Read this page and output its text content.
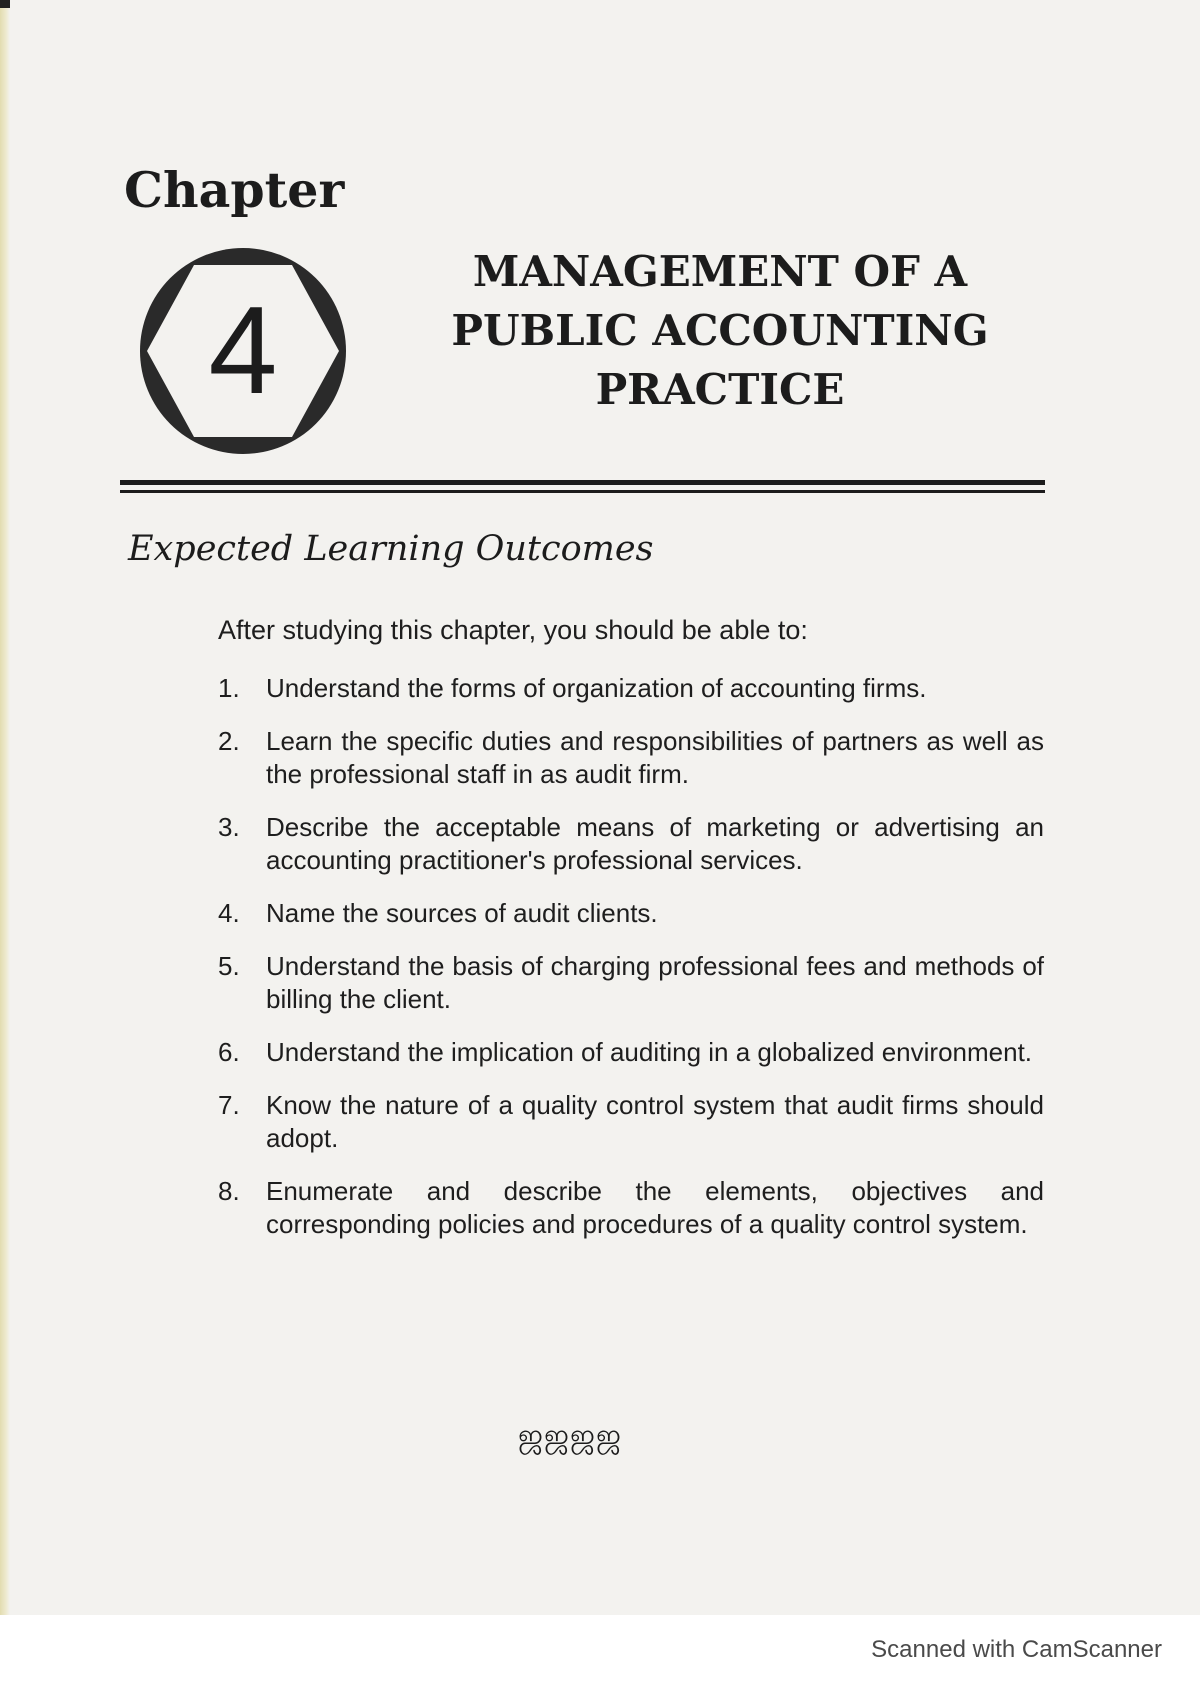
Chapter
4
MANAGEMENT OF A PUBLIC ACCOUNTING PRACTICE
Expected Learning Outcomes

After studying this chapter, you should be able to:

1. Understand the forms of organization of accounting firms.
2. Learn the specific duties and responsibilities of partners as well as the professional staff in as audit firm.
3. Describe the acceptable means of marketing or advertising an accounting practitioner's professional services.
4. Name the sources of audit clients.
5. Understand the basis of charging professional fees and methods of billing the client.
6. Understand the implication of auditing in a globalized environment.
7. Know the nature of a quality control system that audit firms should adopt.
8. Enumerate and describe the elements, objectives and corresponding policies and procedures of a quality control system.

ஜஜஜஜ

Scanned with CamScanner
